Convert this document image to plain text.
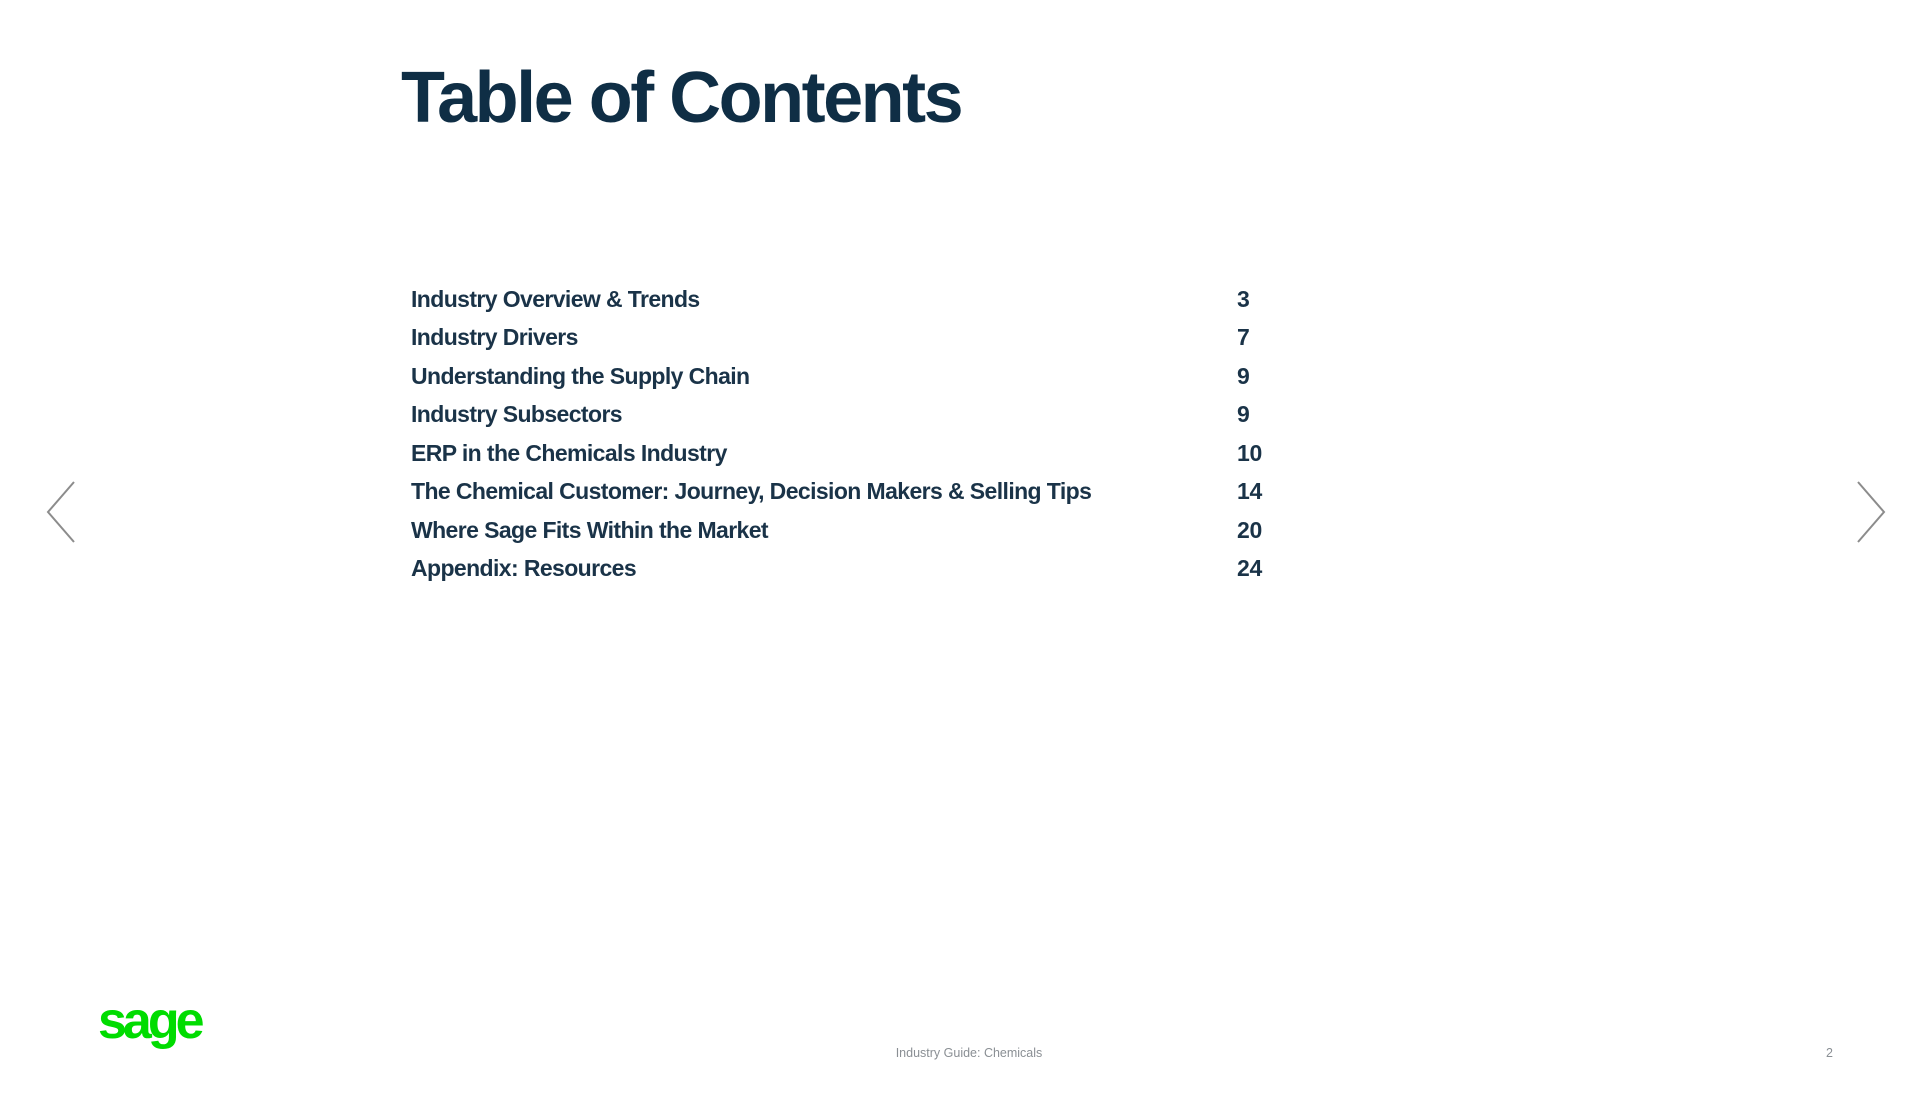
Table of Contents
Industry Overview & Trends	3
Industry Drivers	7
Understanding the Supply Chain	9
Industry Subsectors	9
ERP in the Chemicals Industry	10
The Chemical Customer: Journey, Decision Makers & Selling Tips	14
Where Sage Fits Within the Market	20
Appendix: Resources	24
sage
Industry Guide: Chemicals	2
